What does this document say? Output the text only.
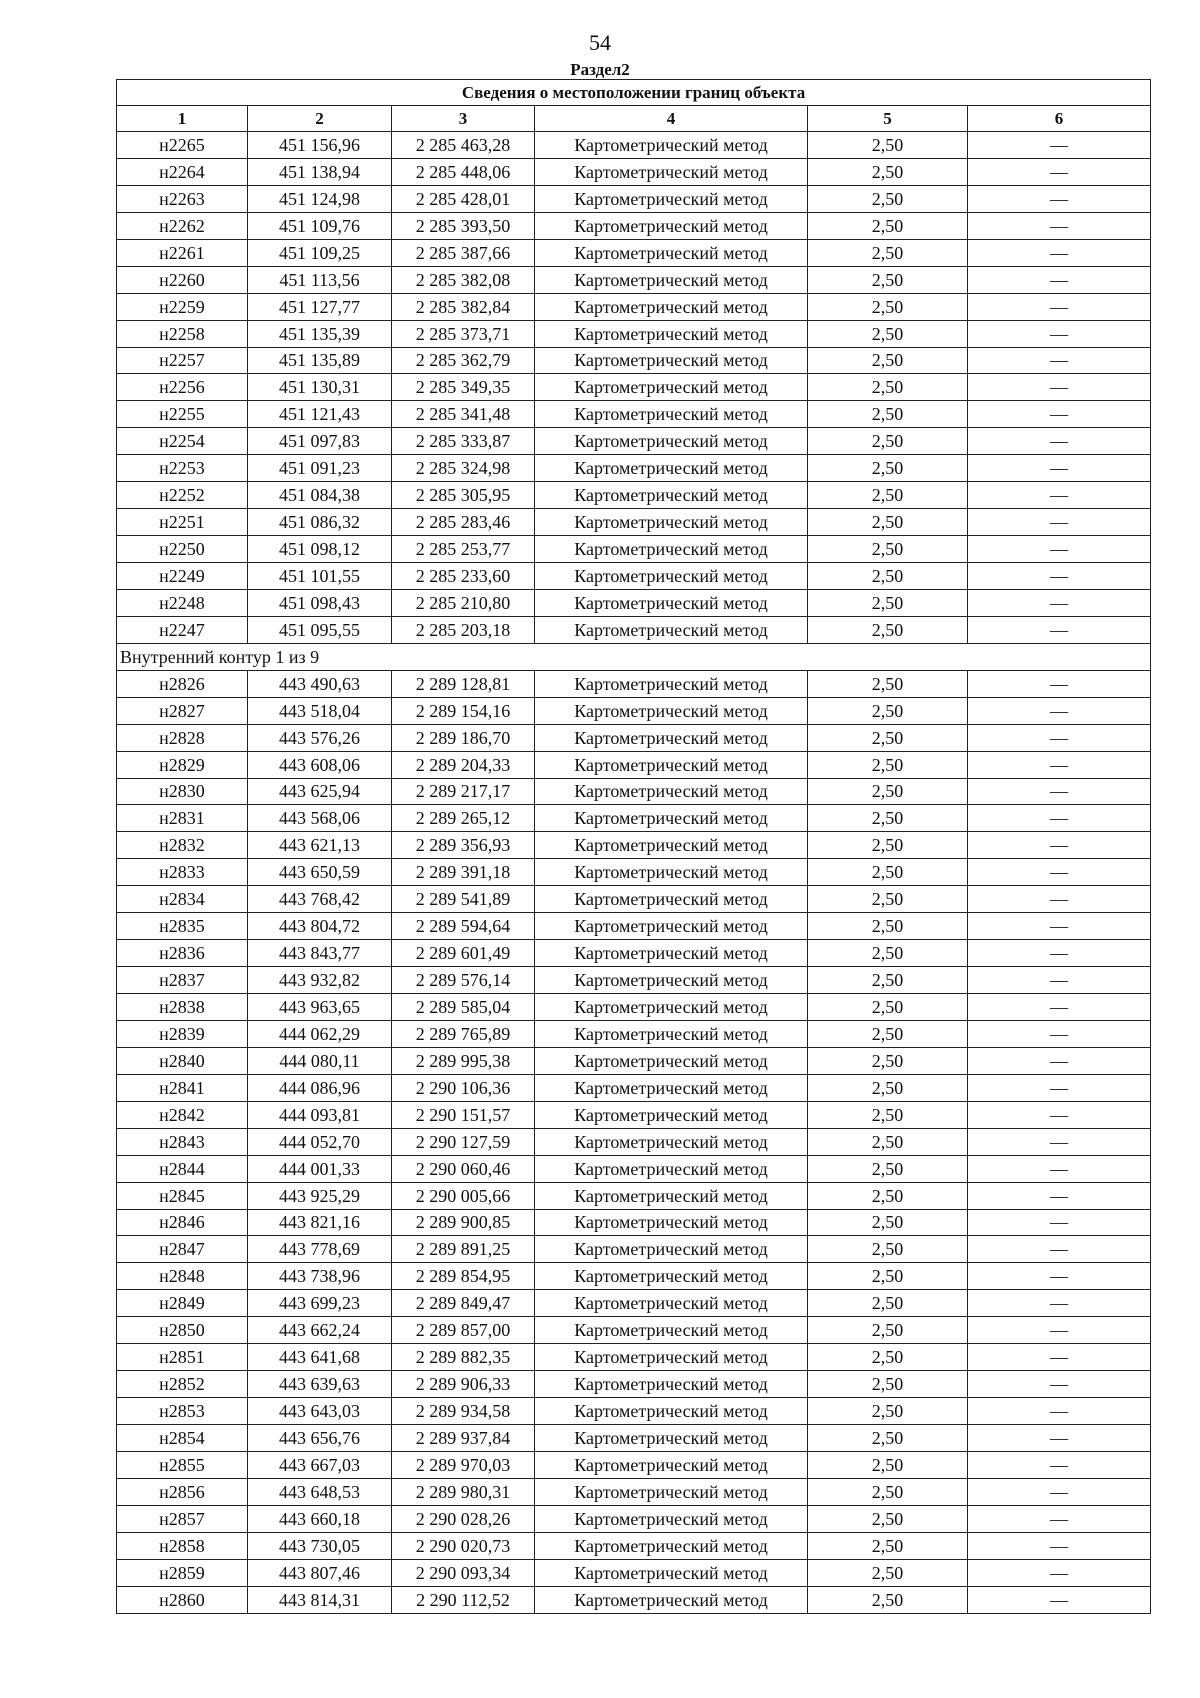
54
Раздел2
Сведения о местоположении границ объекта					
1	2	3	4	5	6
н2265	451 156,96	2 285 463,28	Картометрический метод	2,50	—
н2264	451 138,94	2 285 448,06	Картометрический метод	2,50	—
н2263	451 124,98	2 285 428,01	Картометрический метод	2,50	—
н2262	451 109,76	2 285 393,50	Картометрический метод	2,50	—
н2261	451 109,25	2 285 387,66	Картометрический метод	2,50	—
н2260	451 113,56	2 285 382,08	Картометрический метод	2,50	—
н2259	451 127,77	2 285 382,84	Картометрический метод	2,50	—
н2258	451 135,39	2 285 373,71	Картометрический метод	2,50	—
н2257	451 135,89	2 285 362,79	Картометрический метод	2,50	—
н2256	451 130,31	2 285 349,35	Картометрический метод	2,50	—
н2255	451 121,43	2 285 341,48	Картометрический метод	2,50	—
н2254	451 097,83	2 285 333,87	Картометрический метод	2,50	—
н2253	451 091,23	2 285 324,98	Картометрический метод	2,50	—
н2252	451 084,38	2 285 305,95	Картометрический метод	2,50	—
н2251	451 086,32	2 285 283,46	Картометрический метод	2,50	—
н2250	451 098,12	2 285 253,77	Картометрический метод	2,50	—
н2249	451 101,55	2 285 233,60	Картометрический метод	2,50	—
н2248	451 098,43	2 285 210,80	Картометрический метод	2,50	—
н2247	451 095,55	2 285 203,18	Картометрический метод	2,50	—
Внутренний контур 1 из 9					
н2826	443 490,63	2 289 128,81	Картометрический метод	2,50	—
н2827	443 518,04	2 289 154,16	Картометрический метод	2,50	—
н2828	443 576,26	2 289 186,70	Картометрический метод	2,50	—
н2829	443 608,06	2 289 204,33	Картометрический метод	2,50	—
н2830	443 625,94	2 289 217,17	Картометрический метод	2,50	—
н2831	443 568,06	2 289 265,12	Картометрический метод	2,50	—
н2832	443 621,13	2 289 356,93	Картометрический метод	2,50	—
н2833	443 650,59	2 289 391,18	Картометрический метод	2,50	—
н2834	443 768,42	2 289 541,89	Картометрический метод	2,50	—
н2835	443 804,72	2 289 594,64	Картометрический метод	2,50	—
н2836	443 843,77	2 289 601,49	Картометрический метод	2,50	—
н2837	443 932,82	2 289 576,14	Картометрический метод	2,50	—
н2838	443 963,65	2 289 585,04	Картометрический метод	2,50	—
н2839	444 062,29	2 289 765,89	Картометрический метод	2,50	—
н2840	444 080,11	2 289 995,38	Картометрический метод	2,50	—
н2841	444 086,96	2 290 106,36	Картометрический метод	2,50	—
н2842	444 093,81	2 290 151,57	Картометрический метод	2,50	—
н2843	444 052,70	2 290 127,59	Картометрический метод	2,50	—
н2844	444 001,33	2 290 060,46	Картометрический метод	2,50	—
н2845	443 925,29	2 290 005,66	Картометрический метод	2,50	—
н2846	443 821,16	2 289 900,85	Картометрический метод	2,50	—
н2847	443 778,69	2 289 891,25	Картометрический метод	2,50	—
н2848	443 738,96	2 289 854,95	Картометрический метод	2,50	—
н2849	443 699,23	2 289 849,47	Картометрический метод	2,50	—
н2850	443 662,24	2 289 857,00	Картометрический метод	2,50	—
н2851	443 641,68	2 289 882,35	Картометрический метод	2,50	—
н2852	443 639,63	2 289 906,33	Картометрический метод	2,50	—
н2853	443 643,03	2 289 934,58	Картометрический метод	2,50	—
н2854	443 656,76	2 289 937,84	Картометрический метод	2,50	—
н2855	443 667,03	2 289 970,03	Картометрический метод	2,50	—
н2856	443 648,53	2 289 980,31	Картометрический метод	2,50	—
н2857	443 660,18	2 290 028,26	Картометрический метод	2,50	—
н2858	443 730,05	2 290 020,73	Картометрический метод	2,50	—
н2859	443 807,46	2 290 093,34	Картометрический метод	2,50	—
н2860	443 814,31	2 290 112,52	Картометрический метод	2,50	—
